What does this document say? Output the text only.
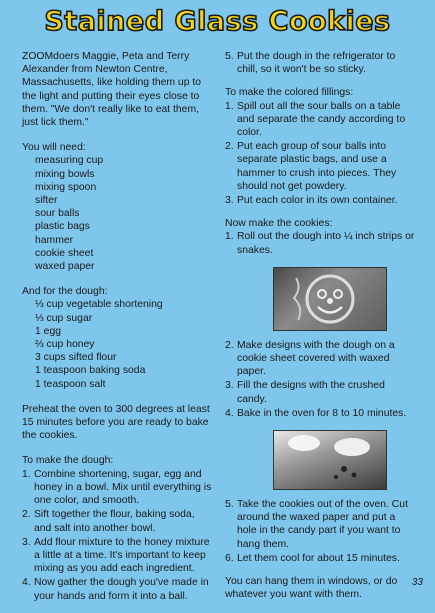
Stained Glass Cookies

ZOOMdoers Maggie, Peta and Terry Alexander from Newton Centre, Massachusetts, like holding them up to the light and putting their eyes close to them. "We don't really like to eat them, just lick them."

You will need:
measuring cup
mixing bowls
mixing spoon
sifter
sour balls
plastic bags
hammer
cookie sheet
waxed paper
And for the dough:
⅓ cup vegetable shortening
⅓ cup sugar
1 egg
⅔ cup honey
3 cups sifted flour
1 teaspoon baking soda
1 teaspoon salt

Preheat the oven to 300 degrees at least 15 minutes before you are ready to bake the cookies.

To make the dough:
1. Combine shortening, sugar, egg and honey in a bowl. Mix until everything is one color, and smooth.
2. Sift together the flour, baking soda, and salt into another bowl.
3. Add flour mixture to the honey mixture a little at a time. It's important to keep mixing as you add each ingredient.
4. Now gather the dough you've made in your hands and form it into a ball.
5. Put the dough in the refrigerator to chill, so it won't be so sticky.
To make the colored fillings:
1. Spill out all the sour balls on a table and separate the candy according to color.
2. Put each group of sour balls into separate plastic bags, and use a hammer to crush into pieces. They should not get powdery.
3. Put each color in its own container.
Now make the cookies:
1. Roll out the dough into ¼ inch strips or snakes.
2. Make designs with the dough on a cookie sheet covered with waxed paper.
3. Fill the designs with the crushed candy.
4. Bake in the oven for 8 to 10 minutes.
5. Take the cookies out of the oven. Cut around the waxed paper and put a hole in the candy part if you want to hang them.
6. Let them cool for about 15 minutes.

You can hang them in windows, or do whatever you want with them.

33
